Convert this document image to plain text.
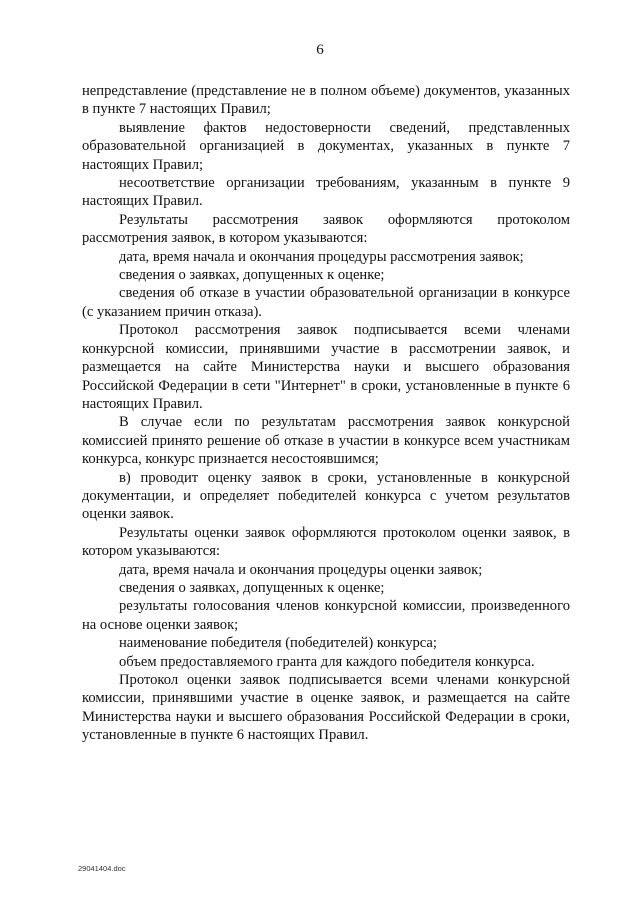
6

непредставление (представление не в полном объеме) документов, указанных в пункте 7 настоящих Правил;

выявление фактов недостоверности сведений, представленных образовательной организацией в документах, указанных в пункте 7 настоящих Правил;

несоответствие организации требованиям, указанным в пункте 9 настоящих Правил.

Результаты рассмотрения заявок оформляются протоколом рассмотрения заявок, в котором указываются:

дата, время начала и окончания процедуры рассмотрения заявок;

сведения о заявках, допущенных к оценке;

сведения об отказе в участии образовательной организации в конкурсе (с указанием причин отказа).

Протокол рассмотрения заявок подписывается всеми членами конкурсной комиссии, принявшими участие в рассмотрении заявок, и размещается на сайте Министерства науки и высшего образования Российской Федерации в сети "Интернет" в сроки, установленные в пункте 6 настоящих Правил.

В случае если по результатам рассмотрения заявок конкурсной комиссией принято решение об отказе в участии в конкурсе всем участникам конкурса, конкурс признается несостоявшимся;

в) проводит оценку заявок в сроки, установленные в конкурсной документации, и определяет победителей конкурса с учетом результатов оценки заявок.

Результаты оценки заявок оформляются протоколом оценки заявок, в котором указываются:

дата, время начала и окончания процедуры оценки заявок;

сведения о заявках, допущенных к оценке;

результаты голосования членов конкурсной комиссии, произведенного на основе оценки заявок;

наименование победителя (победителей) конкурса;

объем предоставляемого гранта для каждого победителя конкурса.

Протокол оценки заявок подписывается всеми членами конкурсной комиссии, принявшими участие в оценке заявок, и размещается на сайте Министерства науки и высшего образования Российской Федерации в сроки, установленные в пункте 6 настоящих Правил.

29041404.doc
